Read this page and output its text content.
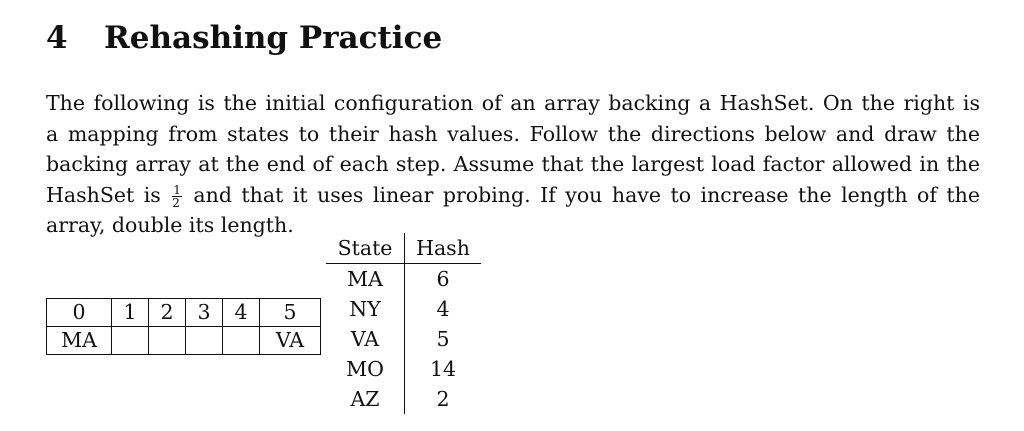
4 Rehashing Practice
The following is the initial configuration of an array backing a HashSet. On the right is
a mapping from states to their hash values. Follow the directions below and draw the
backing array at the end of each step. Assume that the largest load factor allowed in the
HashSet is $\frac{1}{2}$ and that it uses linear probing. If you have to increase the length of the
array, double its length.
0	1	2	3	4	5
MA					VA
State	Hash
MA	6
NY	4
VA	5
MO	14
AZ	2
